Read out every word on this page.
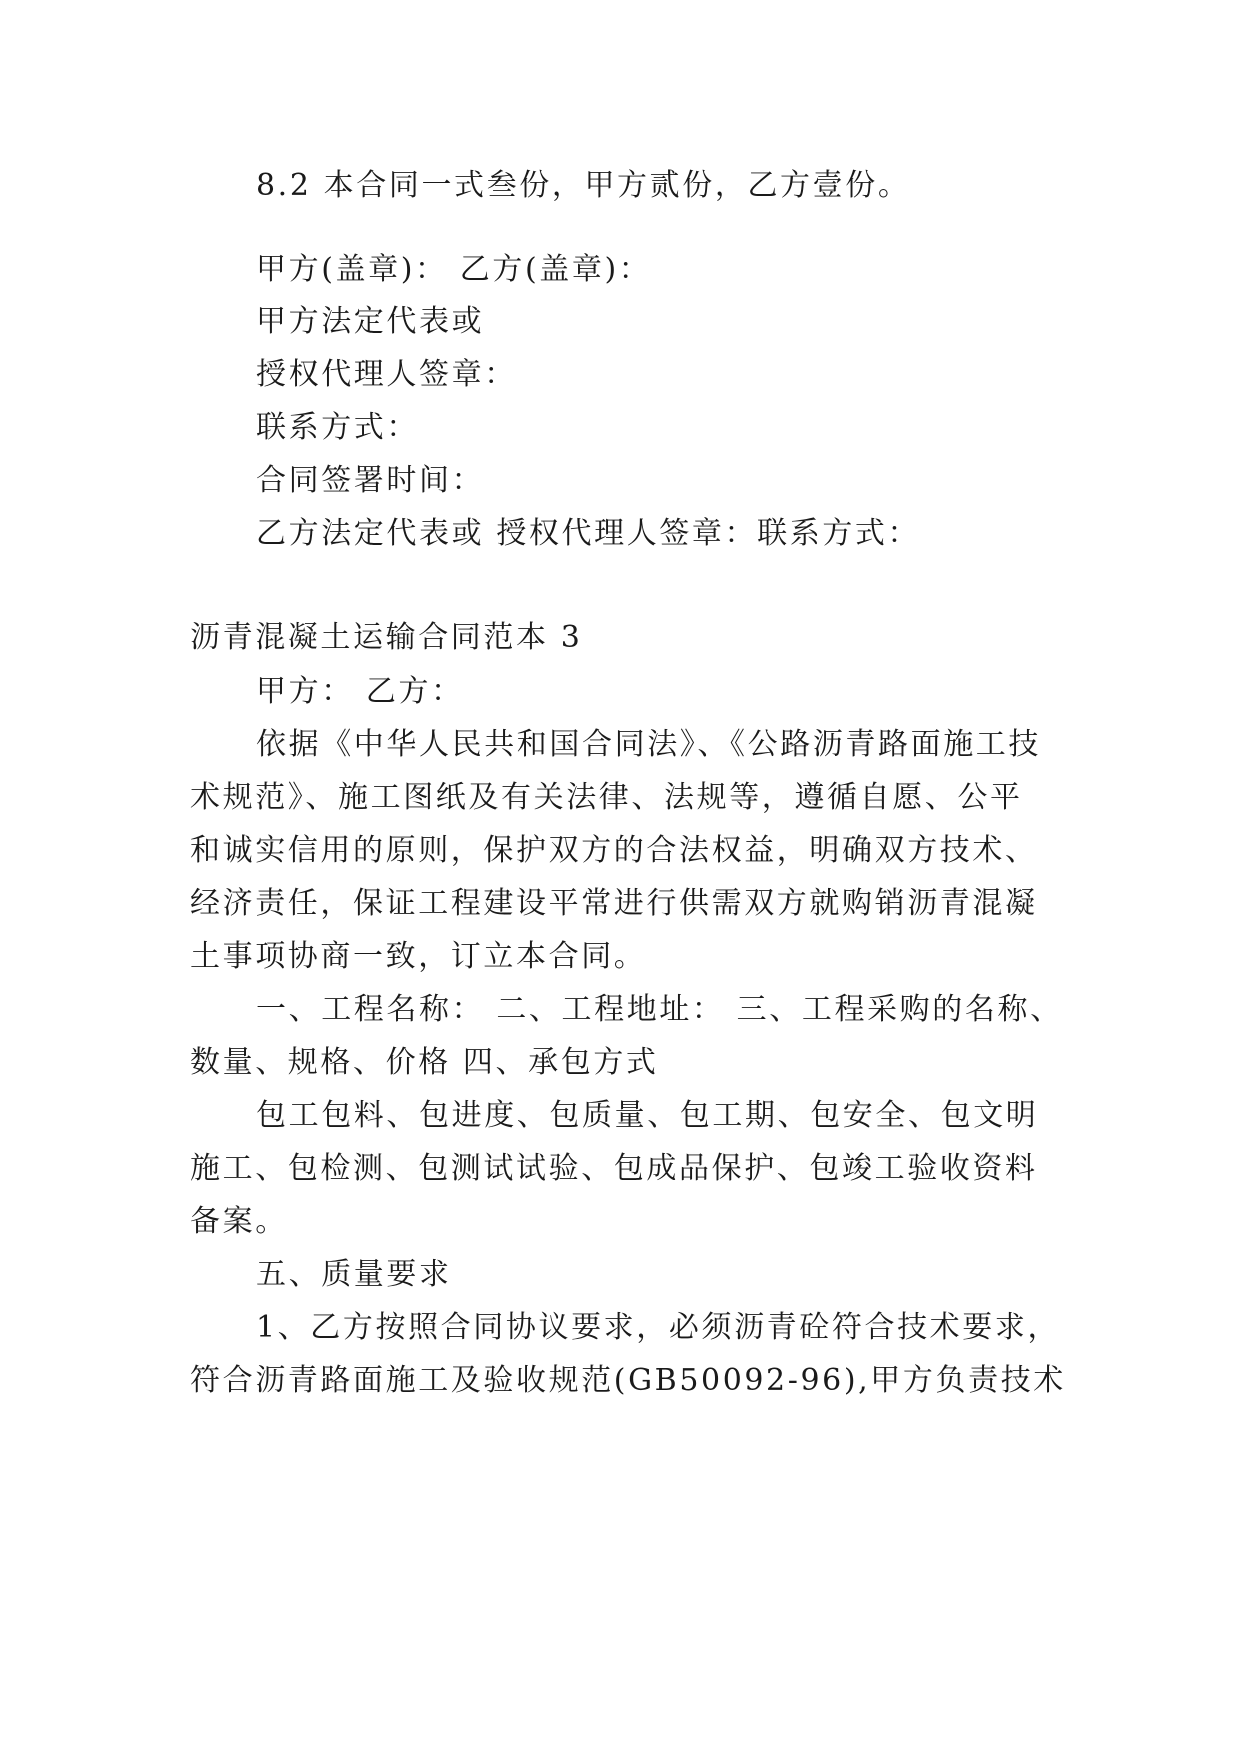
8.2 本合同一式叁份，甲方贰份，乙方壹份。
甲方(盖章)： 乙方(盖章)：
甲方法定代表或
授权代理人签章：
联系方式：
合同签署时间：
乙方法定代表或 授权代理人签章：联系方式：
沥青混凝土运输合同范本 3
甲方： 乙方：
依据《中华人民共和国合同法》、《公路沥青路面施工技
术规范》、施工图纸及有关法律、法规等，遵循自愿、公平
和诚实信用的原则，保护双方的合法权益，明确双方技术、
经济责任，保证工程建设平常进行供需双方就购销沥青混凝
土事项协商一致，订立本合同。
一、工程名称： 二、工程地址： 三、工程采购的名称、
数量、规格、价格 四、承包方式
包工包料、包进度、包质量、包工期、包安全、包文明
施工、包检测、包测试试验、包成品保护、包竣工验收资料
备案。
五、质量要求
1、乙方按照合同协议要求，必须沥青砼符合技术要求，
符合沥青路面施工及验收规范(GB50092-96),甲方负责技术
